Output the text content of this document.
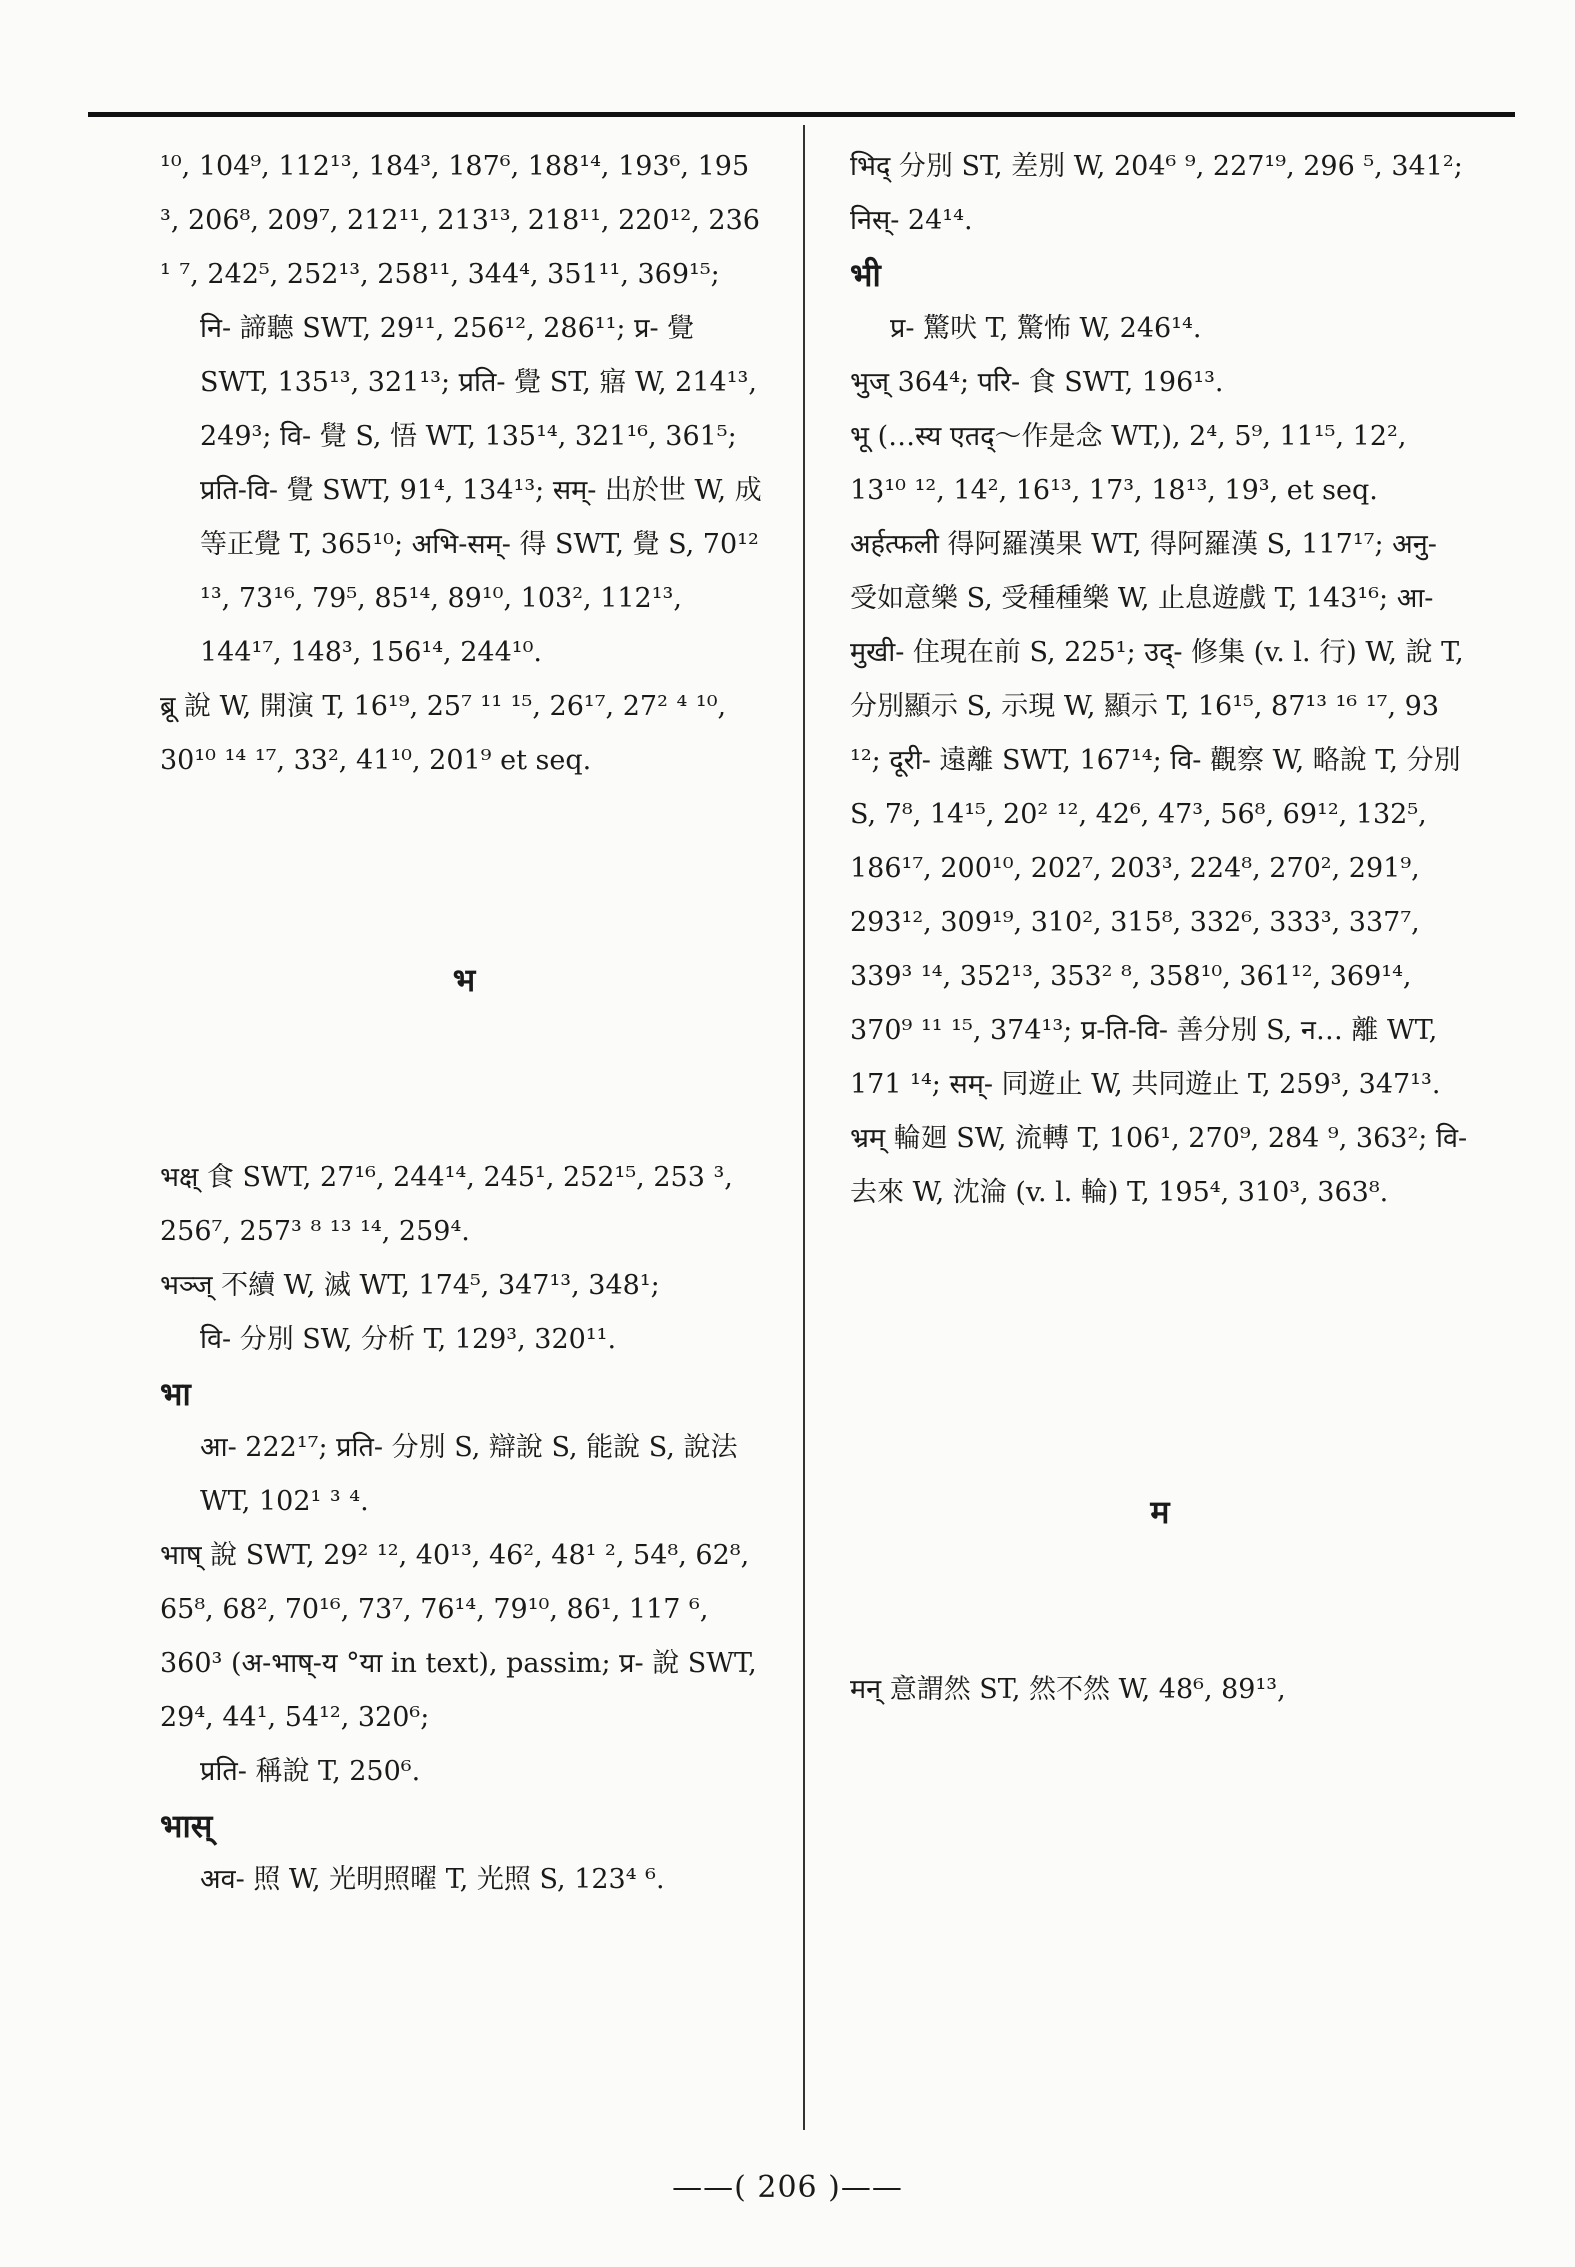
¹⁰, 104⁹, 112¹³, 184³, 187⁶, 188¹⁴, 193⁶, 195 ³, 206⁸, 209⁷, 212¹¹, 213¹³, 218¹¹, 220¹², 236 ¹ ⁷, 242⁵, 252¹³, 258¹¹, 344⁴, 351¹¹, 369¹⁵;

नि- 諦聽 SWT, 29¹¹, 256¹², 286¹¹; प्र- 覺 SWT, 135¹³, 321¹³; प्रति- 覺 ST, 寤 W, 214¹³, 249³; वि- 覺 S, 悟 WT, 135¹⁴, 321¹⁶, 361⁵; प्रति-वि- 覺 SWT, 91⁴, 134¹³; सम्- 出於世 W, 成等正覺 T, 365¹⁰; अभि-सम्- 得 SWT, 覺 S, 70¹² ¹³, 73¹⁶, 79⁵, 85¹⁴, 89¹⁰, 103², 112¹³, 144¹⁷, 148³, 156¹⁴, 244¹⁰.

ब्रू 說 W, 開演 T, 16¹⁹, 25⁷ ¹¹ ¹⁵, 26¹⁷, 27² ⁴ ¹⁰, 30¹⁰ ¹⁴ ¹⁷, 33², 41¹⁰, 201⁹ et seq.

भ

भक्ष् 食 SWT, 27¹⁶, 244¹⁴, 245¹, 252¹⁵, 253 ³, 256⁷, 257³ ⁸ ¹³ ¹⁴, 259⁴.

भञ्ज् 不續 W, 滅 WT, 174⁵, 347¹³, 348¹;

वि- 分別 SW, 分析 T, 129³, 320¹¹.

भा

आ- 222¹⁷; प्रति- 分別 S, 辯說 S, 能說 S, 說法 WT, 102¹ ³ ⁴.

भाष् 說 SWT, 29² ¹², 40¹³, 46², 48¹ ², 54⁸, 62⁸, 65⁸, 68², 70¹⁶, 73⁷, 76¹⁴, 79¹⁰, 86¹, 117 ⁶, 360³ (अ-भाष्-य °या in text), passim; प्र- 說 SWT, 29⁴, 44¹, 54¹², 320⁶;

प्रति- 稱說 T, 250⁶.

भास्

अव- 照 W, 光明照曜 T, 光照 S, 123⁴ ⁶.

भिद् 分別 ST, 差別 W, 204⁶ ⁹, 227¹⁹, 296 ⁵, 341²; निस्- 24¹⁴.

भी

प्र- 驚吠 T, 驚怖 W, 246¹⁴.

भुज् 364⁴; परि- 食 SWT, 196¹³.

भू (…स्य एतद्～作是念 WT,), 2⁴, 5⁹, 11¹⁵, 12², 13¹⁰ ¹², 14², 16¹³, 17³, 18¹³, 19³, et seq.

अर्हत्फली 得阿羅漢果 WT, 得阿羅漢 S, 117¹⁷; अनु- 受如意樂 S, 受種種樂 W, 止息遊戲 T, 143¹⁶; आ-मुखी- 住現在前 S, 225¹; उद्- 修集 (v. l. 行) W, 說 T, 分別顯示 S, 示現 W, 顯示 T, 16¹⁵, 87¹³ ¹⁶ ¹⁷, 93 ¹²; दूरी- 遠離 SWT, 167¹⁴; वि- 觀察 W, 略說 T, 分別 S, 7⁸, 14¹⁵, 20² ¹², 42⁶, 47³, 56⁸, 69¹², 132⁵, 186¹⁷, 200¹⁰, 202⁷, 203³, 224⁸, 270², 291⁹, 293¹², 309¹⁹, 310², 315⁸, 332⁶, 333³, 337⁷, 339³ ¹⁴, 352¹³, 353² ⁸, 358¹⁰, 361¹², 369¹⁴, 370⁹ ¹¹ ¹⁵, 374¹³; प्र-ति-वि- 善分別 S, न… 離 WT, 171 ¹⁴; सम्- 同遊止 W, 共同遊止 T, 259³, 347¹³.

भ्रम् 輪廻 SW, 流轉 T, 106¹, 270⁹, 284 ⁹, 363²; वि- 去來 W, 沈淪 (v. l. 輪) T, 195⁴, 310³, 363⁸.

म

मन् 意謂然 ST, 然不然 W, 48⁶, 89¹³,

——( 206 )——
